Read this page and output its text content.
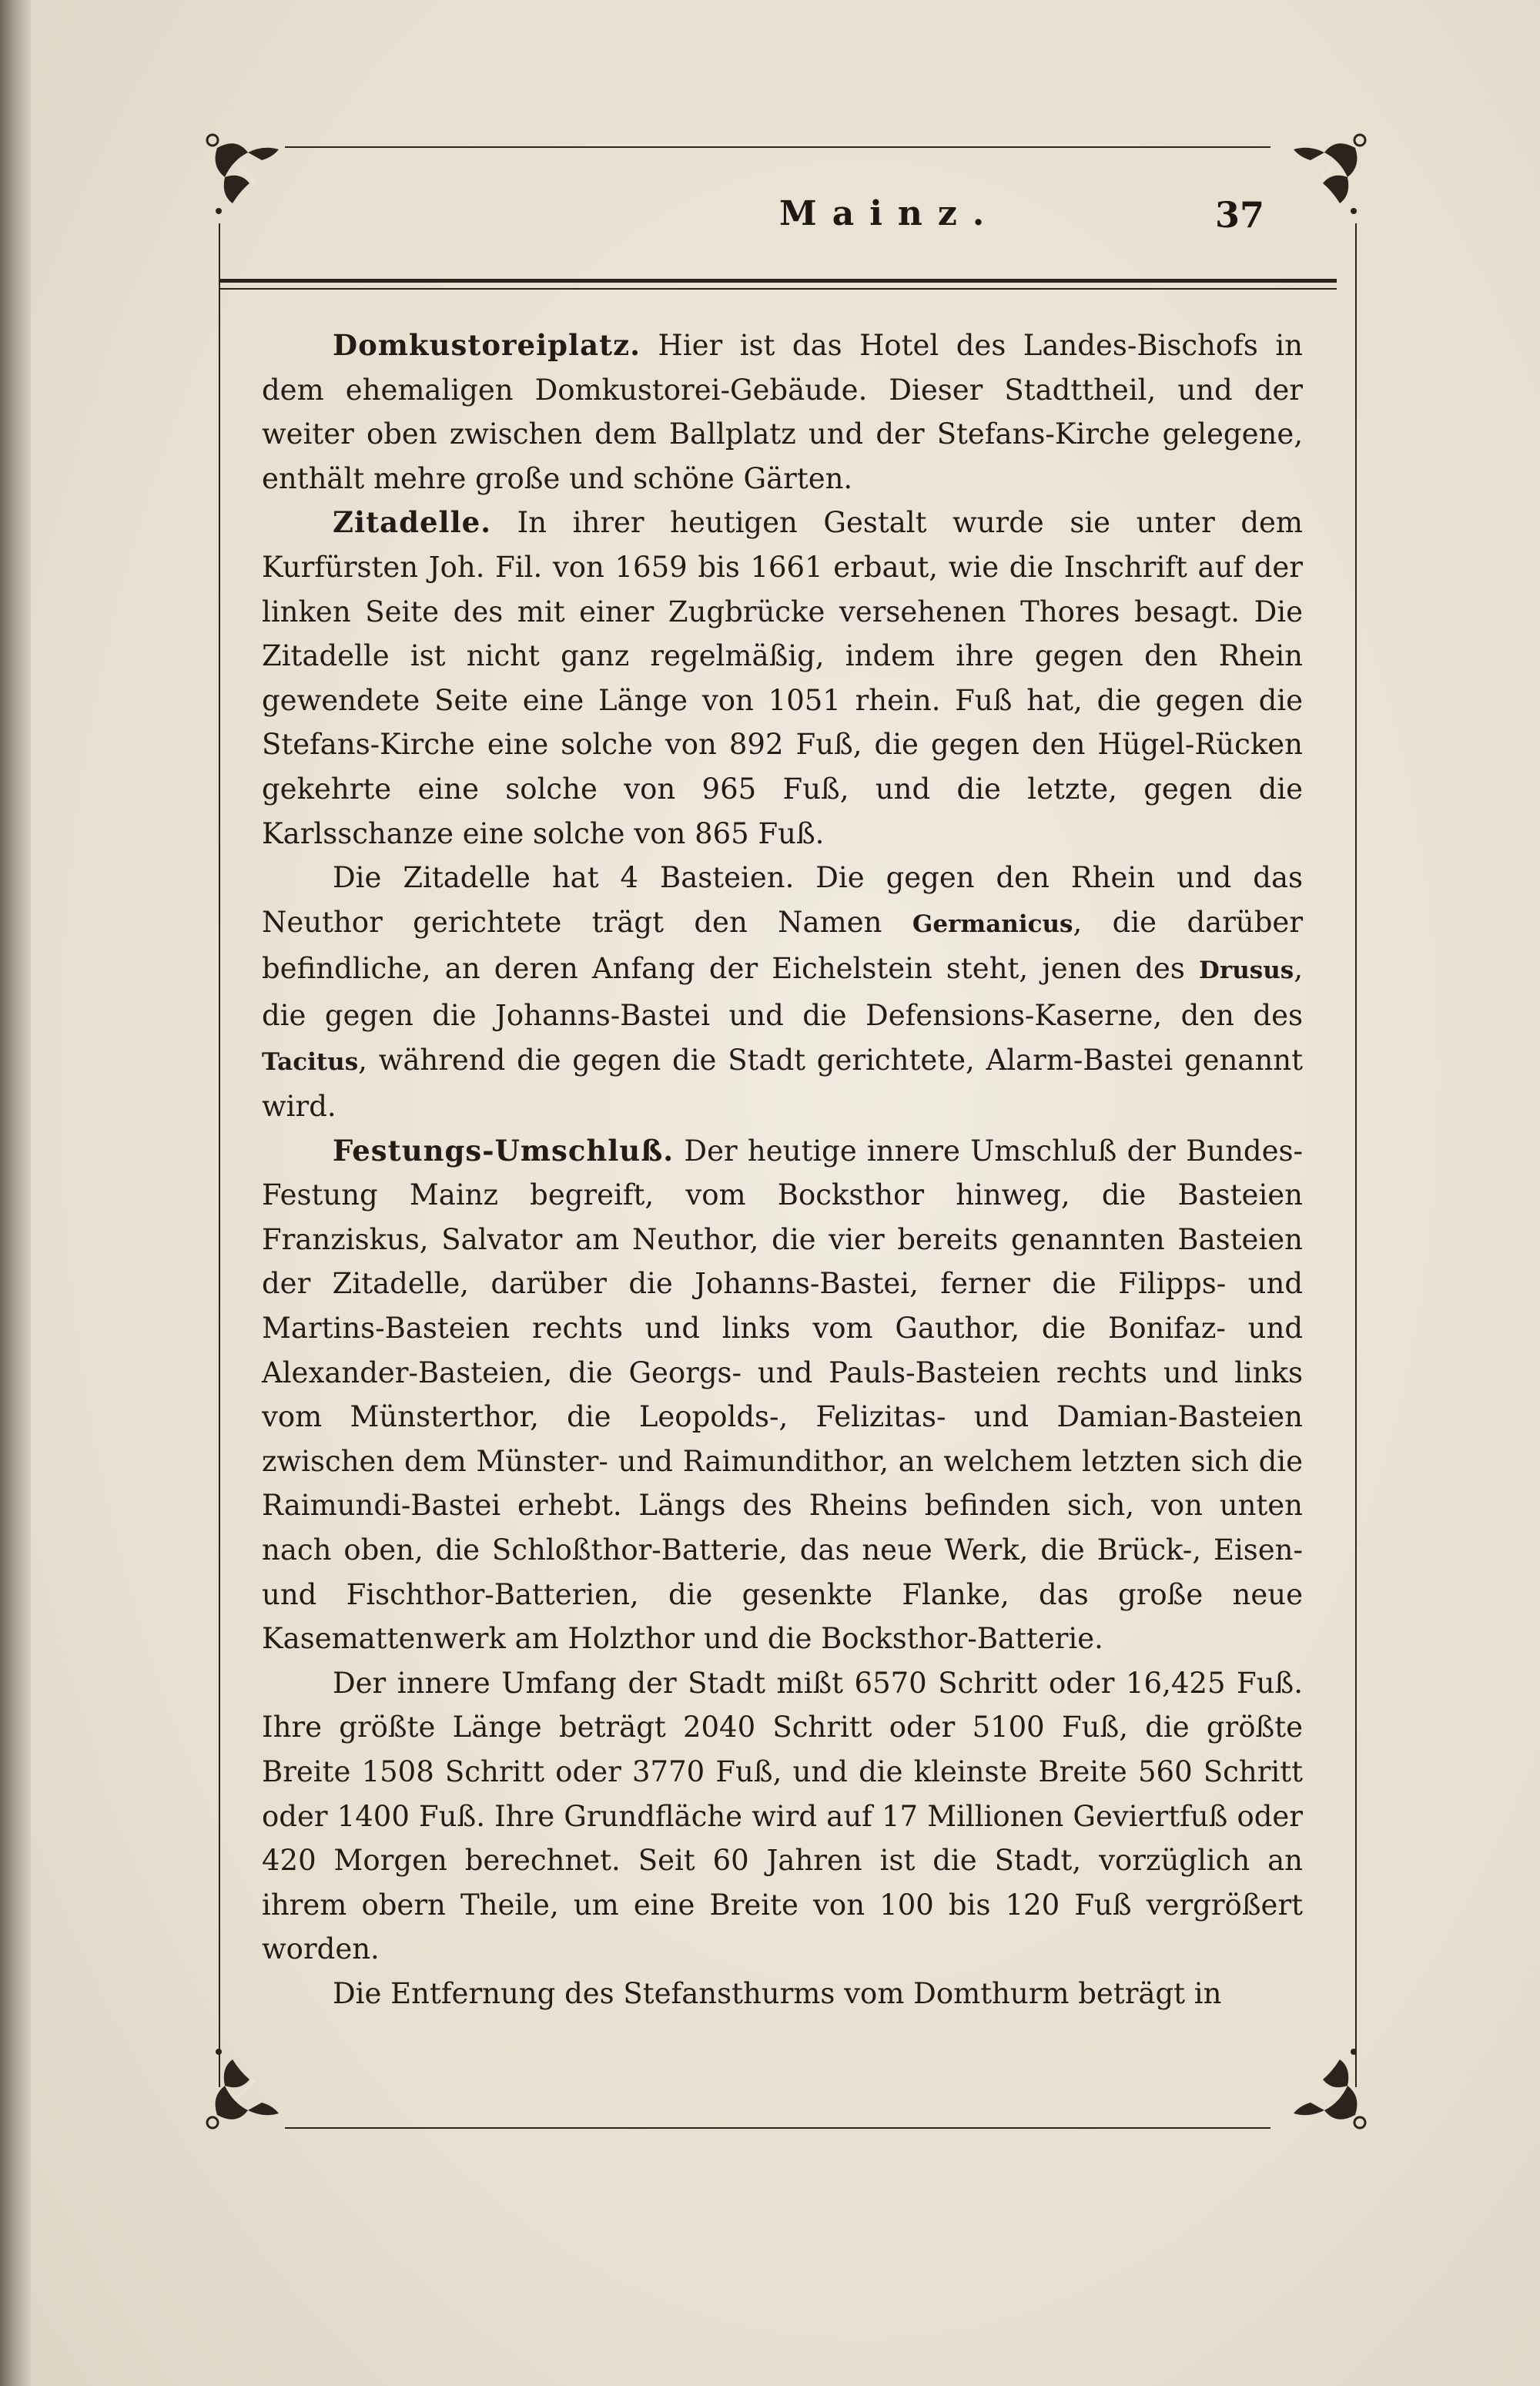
Mainz.	37

Domkustoreiplatz. Hier ist das Hotel des Landes-Bischofs in dem ehemaligen Domkustorei-Gebäude. Dieser Stadttheil, und der weiter oben zwischen dem Ballplatz und der Stefans-Kirche gelegene, enthält mehre große und schöne Gärten.

Zitadelle. In ihrer heutigen Gestalt wurde sie unter dem Kurfürsten Joh. Fil. von 1659 bis 1661 erbaut, wie die Inschrift auf der linken Seite des mit einer Zugbrücke versehenen Thores besagt. Die Zitadelle ist nicht ganz regelmäßig, indem ihre gegen den Rhein gewendete Seite eine Länge von 1051 rhein. Fuß hat, die gegen die Stefans-Kirche eine solche von 892 Fuß, die gegen den Hügel-Rücken gekehrte eine solche von 965 Fuß, und die letzte, gegen die Karlsschanze eine solche von 865 Fuß.

Die Zitadelle hat 4 Basteien. Die gegen den Rhein und das Neuthor gerichtete trägt den Namen Germanicus, die darüber befindliche, an deren Anfang der Eichelstein steht, jenen des Drusus, die gegen die Johanns-Bastei und die Defensions-Kaserne, den des Tacitus, während die gegen die Stadt gerichtete, Alarm-Bastei genannt wird.

Festungs-Umschluß. Der heutige innere Umschluß der Bundes-Festung Mainz begreift, vom Bocksthor hinweg, die Basteien Franziskus, Salvator am Neuthor, die vier bereits genannten Basteien der Zitadelle, darüber die Johanns-Bastei, ferner die Filipps- und Martins-Basteien rechts und links vom Gauthor, die Bonifaz- und Alexander-Basteien, die Georgs- und Pauls-Basteien rechts und links vom Münsterthor, die Leopolds-, Felizitas- und Damian-Basteien zwischen dem Münster- und Raimundithor, an welchem letzten sich die Raimundi-Bastei erhebt. Längs des Rheins befinden sich, von unten nach oben, die Schloßthor-Batterie, das neue Werk, die Brück-, Eisen- und Fischthor-Batterien, die gesenkte Flanke, das große neue Kasemattenwerk am Holzthor und die Bocksthor-Batterie.

Der innere Umfang der Stadt mißt 6570 Schritt oder 16,425 Fuß. Ihre größte Länge beträgt 2040 Schritt oder 5100 Fuß, die größte Breite 1508 Schritt oder 3770 Fuß, und die kleinste Breite 560 Schritt oder 1400 Fuß. Ihre Grundfläche wird auf 17 Millionen Geviertfuß oder 420 Morgen berechnet. Seit 60 Jahren ist die Stadt, vorzüglich an ihrem obern Theile, um eine Breite von 100 bis 120 Fuß vergrößert worden.

Die Entfernung des Stefansthurms vom Domthurm beträgt in
